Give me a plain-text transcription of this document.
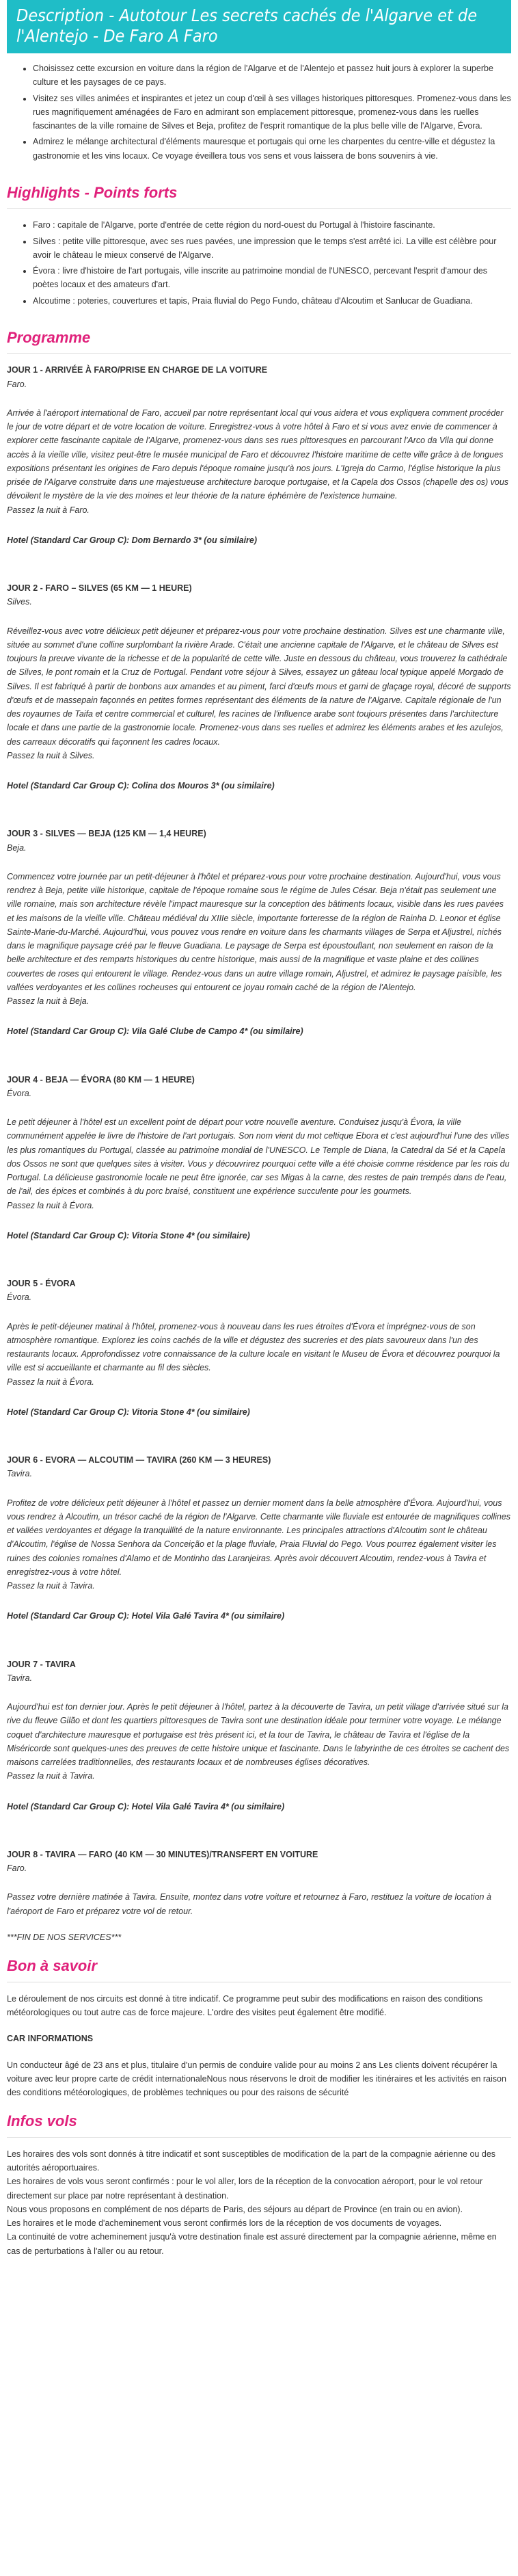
Description - Autotour Les secrets cachés de l'Algarve et de l'Alentejo - De Faro A Faro
• Choisissez cette excursion en voiture dans la région de l'Algarve et de l'Alentejo et passez huit jours à explorer la superbe culture et les paysages de ce pays.
• Visitez ses villes animées et inspirantes et jetez un coup d'œil à ses villages historiques pittoresques. Promenez-vous dans les rues magnifiquement aménagées de Faro en admirant son emplacement pittoresque, promenez-vous dans les ruelles fascinantes de la ville romaine de Silves et Beja, profitez de l'esprit romantique de la plus belle ville de l'Algarve, Évora.
• Admirez le mélange architectural d'éléments mauresque et portugais qui orne les charpentes du centre-ville et dégustez la gastronomie et les vins locaux. Ce voyage éveillera tous vos sens et vous laissera de bons souvenirs à vie.
Highlights - Points forts
• Faro : capitale de l'Algarve, porte d'entrée de cette région du nord-ouest du Portugal à l'histoire fascinante.
• Silves : petite ville pittoresque, avec ses rues pavées, une impression que le temps s'est arrêté ici. La ville est célèbre pour avoir le château le mieux conservé de l'Algarve.
• Évora : livre d'histoire de l'art portugais, ville inscrite au patrimoine mondial de l'UNESCO, percevant l'esprit d'amour des poètes locaux et des amateurs d'art.
• Alcoutime : poteries, couvertures et tapis, Praia fluvial do Pego Fundo, château d'Alcoutim et Sanlucar de Guadiana.
Programme

JOUR 1 - ARRIVÉE À FARO/PRISE EN CHARGE DE LA VOITURE

Faro.

Arrivée à l'aéroport international de Faro, accueil par notre représentant local qui vous aidera et vous expliquera comment procéder le jour de votre départ et de votre location de voiture. Enregistrez-vous à votre hôtel à Faro et si vous avez envie de commencer à explorer cette fascinante capitale de l'Algarve, promenez-vous dans ses rues pittoresques en parcourant l'Arco da Vila qui donne accès à la vieille ville, visitez peut-être le musée municipal de Faro et découvrez l'histoire maritime de cette ville grâce à de longues expositions présentant les origines de Faro depuis l'époque romaine jusqu'à nos jours. L'Igreja do Carmo, l'église historique la plus prisée de l'Algarve construite dans une majestueuse architecture baroque portugaise, et la Capela dos Ossos (chapelle des os) vous dévoilent le mystère de la vie des moines et leur théorie de la nature éphémère de l'existence humaine.

Passez la nuit à Faro.

Hotel (Standard Car Group C): Dom Bernardo 3* (ou similaire)

JOUR 2 - FARO – SILVES (65 KM — 1 HEURE)

Silves.

Réveillez-vous avec votre délicieux petit déjeuner et préparez-vous pour votre prochaine destination. Silves est une charmante ville, située au sommet d'une colline surplombant la rivière Arade. C'était une ancienne capitale de l'Algarve, et le château de Silves est toujours la preuve vivante de la richesse et de la popularité de cette ville. Juste en dessous du château, vous trouverez la cathédrale de Silves, le pont romain et la Cruz de Portugal. Pendant votre séjour à Silves, essayez un gâteau local typique appelé Morgado de Silves. Il est fabriqué à partir de bonbons aux amandes et au piment, farci d'œufs mous et garni de glaçage royal, décoré de supports d'œufs et de massepain façonnés en petites formes représentant des éléments de la nature de l'Algarve. Capitale régionale de l'un des royaumes de Taifa et centre commercial et culturel, les racines de l'influence arabe sont toujours présentes dans l'architecture locale et dans une partie de la gastronomie locale. Promenez-vous dans ses ruelles et admirez les éléments arabes et les azulejos, des carreaux décoratifs qui façonnent les cadres locaux.

Passez la nuit à Silves.

Hotel (Standard Car Group C): Colina dos Mouros 3* (ou similaire)

JOUR 3 - SILVES — BEJA (125 KM — 1,4 HEURE)

Beja.

Commencez votre journée par un petit-déjeuner à l'hôtel et préparez-vous pour votre prochaine destination. Aujourd'hui, vous vous rendrez à Beja, petite ville historique, capitale de l'époque romaine sous le régime de Jules César. Beja n'était pas seulement une ville romaine, mais son architecture révèle l'impact mauresque sur la conception des bâtiments locaux, visible dans les rues pavées et les maisons de la vieille ville. Château médiéval du XIIIe siècle, importante forteresse de la région de Rainha D. Leonor et église Sainte-Marie-du-Marché. Aujourd'hui, vous pouvez vous rendre en voiture dans les charmants villages de Serpa et Aljustrel, nichés dans le magnifique paysage créé par le fleuve Guadiana. Le paysage de Serpa est époustouflant, non seulement en raison de la belle architecture et des remparts historiques du centre historique, mais aussi de la magnifique et vaste plaine et des collines couvertes de roses qui entourent le village. Rendez-vous dans un autre village romain, Aljustrel, et admirez le paysage paisible, les vallées verdoyantes et les collines rocheuses qui entourent ce joyau romain caché de la région de l'Alentejo.

Passez la nuit à Beja.

Hotel (Standard Car Group C): Vila Galé Clube de Campo 4* (ou similaire)

JOUR 4 - BEJA — ÉVORA (80 KM — 1 HEURE)

Évora.

Le petit déjeuner à l'hôtel est un excellent point de départ pour votre nouvelle aventure. Conduisez jusqu'à Évora, la ville communément appelée le livre de l'histoire de l'art portugais. Son nom vient du mot celtique Ebora et c'est aujourd'hui l'une des villes les plus romantiques du Portugal, classée au patrimoine mondial de l'UNESCO. Le Temple de Diana, la Catedral da Sé et la Capela dos Ossos ne sont que quelques sites à visiter. Vous y découvrirez pourquoi cette ville a été choisie comme résidence par les rois du Portugal. La délicieuse gastronomie locale ne peut être ignorée, car ses Migas à la carne, des restes de pain trempés dans de l'eau, de l'ail, des épices et combinés à du porc braisé, constituent une expérience succulente pour les gourmets.

Passez la nuit à Évora.

Hotel (Standard Car Group C): Vitoria Stone 4* (ou similaire)

JOUR 5 - ÉVORA

Évora.

Après le petit-déjeuner matinal à l'hôtel, promenez-vous à nouveau dans les rues étroites d'Évora et imprégnez-vous de son atmosphère romantique. Explorez les coins cachés de la ville et dégustez des sucreries et des plats savoureux dans l'un des restaurants locaux. Approfondissez votre connaissance de la culture locale en visitant le Museu de Évora et découvrez pourquoi la ville est si accueillante et charmante au fil des siècles.

Passez la nuit à Évora.

Hotel (Standard Car Group C): Vitoria Stone 4* (ou similaire)

JOUR 6 - EVORA — ALCOUTIM — TAVIRA (260 KM — 3 HEURES)

Tavira.

Profitez de votre délicieux petit déjeuner à l'hôtel et passez un dernier moment dans la belle atmosphère d'Évora. Aujourd'hui, vous vous rendrez à Alcoutim, un trésor caché de la région de l'Algarve. Cette charmante ville fluviale est entourée de magnifiques collines et vallées verdoyantes et dégage la tranquillité de la nature environnante. Les principales attractions d'Alcoutim sont le château d'Alcoutim, l'église de Nossa Senhora da Conceição et la plage fluviale, Praia Fluvial do Pego. Vous pourrez également visiter les ruines des colonies romaines d'Alamo et de Montinho das Laranjeiras. Après avoir découvert Alcoutim, rendez-vous à Tavira et enregistrez-vous à votre hôtel.

Passez la nuit à Tavira.

Hotel (Standard Car Group C): Hotel Vila Galé Tavira 4* (ou similaire)

JOUR 7 - TAVIRA

Tavira.

Aujourd'hui est ton dernier jour. Après le petit déjeuner à l'hôtel, partez à la découverte de Tavira, un petit village d'arrivée situé sur la rive du fleuve Gilão et dont les quartiers pittoresques de Tavira sont une destination idéale pour terminer votre voyage. Le mélange coquet d'architecture mauresque et portugaise est très présent ici, et la tour de Tavira, le château de Tavira et l'église de la Miséricorde sont quelques-unes des preuves de cette histoire unique et fascinante. Dans le labyrinthe de ces étroites se cachent des maisons carrelées traditionnelles, des restaurants locaux et de nombreuses églises décoratives.

Passez la nuit à Tavira.

Hotel (Standard Car Group C): Hotel Vila Galé Tavira 4* (ou similaire)

JOUR 8 - TAVIRA — FARO (40 KM — 30 MINUTES)/TRANSFERT EN VOITURE

Faro.

Passez votre dernière matinée à Tavira. Ensuite, montez dans votre voiture et retournez à Faro, restituez la voiture de location à l'aéroport de Faro et préparez votre vol de retour.

***FIN DE NOS SERVICES***

Bon à savoir

Le déroulement de nos circuits est donné à titre indicatif. Ce programme peut subir des modifications en raison des conditions météorologiques ou tout autre cas de force majeure. L'ordre des visites peut également être modifié.

CAR INFORMATIONS

Un conducteur âgé de 23 ans et plus, titulaire d'un permis de conduire valide pour au moins 2 ans Les clients doivent récupérer la voiture avec leur propre carte de crédit internationaleNous nous réservons le droit de modifier les itinéraires et les activités en raison des conditions météorologiques, de problèmes techniques ou pour des raisons de sécurité

Infos vols

Les horaires des vols sont donnés à titre indicatif et sont susceptibles de modification de la part de la compagnie aérienne ou des autorités aéroportuaires.

Les horaires de vols vous seront confirmés : pour le vol aller, lors de la réception de la convocation aéroport, pour le vol retour directement sur place par notre représentant à destination.

Nous vous proposons en complément de nos départs de Paris, des séjours au départ de Province (en train ou en avion).

Les horaires et le mode d'acheminement vous seront confirmés lors de la réception de vos documents de voyages.

La continuité de votre acheminement jusqu'à votre destination finale est assuré directement par la compagnie aérienne, même en cas de perturbations à l'aller ou au retour.
